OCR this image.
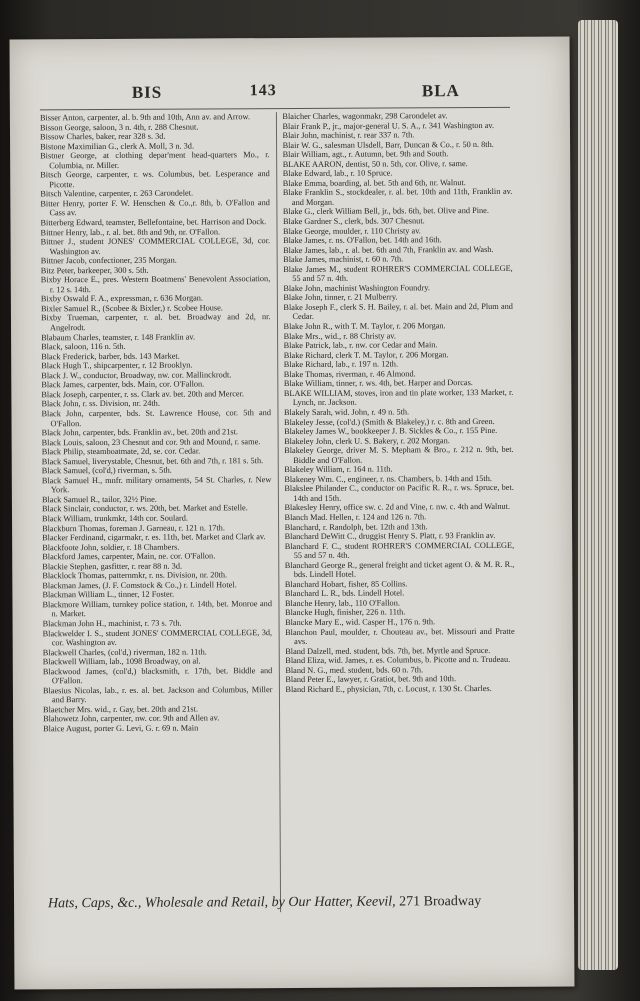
BIS	143	BLA

Bisser Anton, carpenter, al. b. 9th and 10th, Ann av. and Arrow.

Bisson George, saloon, 3 n. 4th, r. 288 Chesnut.

Bissow Charles, baker, rear 328 s. 3d.

Bistone Maximilian G., clerk A. Moll, 3 n. 3d.

Bistner George, at clothing depar'ment head-quarters Mo., r. Columbia, nr. Miller.

Bitsch George, carpenter, r. ws. Columbus, bet. Lesperance and Picotte.

Bitsch Valentine, carpenter, r. 263 Carondelet.

Bitter Henry, porter F. W. Henschen & Co.,r. 8th, b. O'Fallon and Cass av.

Bitterberg Edward, teamster, Bellefontaine, bet. Harrison and Dock.

Bittner Henry, lab., r. al. bet. 8th and 9th, nr. O'Fallon.

Bittner J., student JONES' COMMERCIAL COLLEGE, 3d, cor. Washington av.

Bittner Jacob, confectioner, 235 Morgan.

Bitz Peter, barkeeper, 300 s. 5th.

Bixby Horace E., pres. Western Boatmens' Benevolent Association, r. 12 s. 14th.

Bixby Oswald F. A., expressman, r. 636 Morgan.

Bixler Samuel R., (Scobee & Bixler,) r. Scobee House.

Bixby Trueman, carpenter, r. al. bet. Broadway and 2d, nr. Angelrodt.

Blabaum Charles, teamster, r. 148 Franklin av.

Black, saloon, 116 n. 5th.

Black Frederick, barber, bds. 143 Market.

Black Hugh T., shipcarpenter, r. 12 Brooklyn.

Black J. W., conductor, Broadway, nw. cor. Mallinckrodt.

Black James, carpenter, bds. Main, cor. O'Fallon.

Black Joseph, carpenter, r. ss. Clark av. bet. 20th and Mercer.

Black John, r. ss. Division, nr. 24th.

Black John, carpenter, bds. St. Lawrence House, cor. 5th and O'Fallon.

Black John, carpenter, bds. Franklin av., bet. 20th and 21st.

Black Louis, saloon, 23 Chesnut and cor. 9th and Mound, r. same.

Black Philip, steamboatmate, 2d, se. cor. Cedar.

Black Samuel, liverystable, Chesnut, bet. 6th and 7th, r. 181 s. 5th.

Black Samuel, (col'd,) riverman, s. 5th.

Black Samuel H., mnfr. military ornaments, 54 St. Charles, r. New York.

Black Samuel R., tailor, 32½ Pine.

Black Sinclair, conductor, r. ws. 20th, bet. Market and Estelle.

Black William, trunkmkr, 14th cor. Soulard.

Blackburn Thomas, foreman J. Garneau, r. 121 n. 17th.

Blacker Ferdinand, cigarmakr, r. es. 11th, bet. Market and Clark av.

Blackfoote John, soldier, r. 18 Chambers.

Blackford James, carpenter, Main, ne. cor. O'Fallon.

Blackie Stephen, gasfitter, r. rear 88 n. 3d.

Blacklock Thomas, patternmkr, r. ns. Division, nr. 20th.

Blackman James, (J. F. Comstock & Co.,) r. Lindell Hotel.

Blackman William L., tinner, 12 Foster.

Blackmore William, turnkey police station, r. 14th, bet. Monroe and n. Market.

Blackman John H., machinist, r. 73 s. 7th.

Blackwelder I. S., student JONES' COMMERCIAL COLLEGE, 3d, cor. Washington av.

Blackwell Charles, (col'd,) riverman, 182 n. 11th.

Blackwell William, lab., 1098 Broadway, on al.

Blackwood James, (col'd,) blacksmith, r. 17th, bet. Biddle and O'Fallon.

Blaesius Nicolas, lab., r. es. al. bet. Jackson and Columbus, Miller and Barry.

Blaetcher Mrs. wid., r. Gay, bet. 20th and 21st.

Blahowetz John, carpenter, nw. cor. 9th and Allen av.

Blaice August, porter G. Levi, G. r. 69 n. Main

Blaicher Charles, wagonmakr, 298 Carondelet av.

Blair Frank P., jr., major-general U. S. A., r. 341 Washington av.

Blair John, machinist, r. rear 337 n. 7th.

Blair W. G., salesman Ulsdell, Barr, Duncan & Co., r. 50 n. 8th.

Blair William, agt., r. Autumn, bet. 9th and South.

BLAKE AARON, dentist, 50 n. 5th, cor. Olive, r. same.

Blake Edward, lab., r. 10 Spruce.

Blake Emma, boarding, al. bet. 5th and 6th, nr. Walnut.

Blake Franklin S., stockdealer, r. al. bet. 10th and 11th, Franklin av. and Morgan.

Blake G., clerk William Bell, jr., bds. 6th, bet. Olive and Pine.

Blake Gardner S., clerk, bds. 307 Chesnut.

Blake George, moulder, r. 110 Christy av.

Blake James, r. ns. O'Fallon, bet. 14th and 16th.

Blake James, lab., r. al. bet. 6th and 7th, Franklin av. and Wash.

Blake James, machinist, r. 60 n. 7th.

Blake James M., student ROHRER'S COMMERCIAL COLLEGE, 55 and 57 n. 4th.

Blake John, machinist Washington Foundry.

Blake John, tinner, r. 21 Mulberry.

Blake Joseph F., clerk S. H. Bailey, r. al. bet. Main and 2d, Plum and Cedar.

Blake John R., with T. M. Taylor, r. 206 Morgan.

Blake Mrs., wid., r. 88 Christy av.

Blake Patrick, lab., r. nw. cor Cedar and Main.

Blake Richard, clerk T. M. Taylor, r. 206 Morgan.

Blake Richard, lab., r. 197 n. 12th.

Blake Thomas, riverman, r. 46 Almond.

Blake William, tinner, r. ws. 4th, bet. Harper and Dorcas.

BLAKE WILLIAM, stoves, iron and tin plate worker, 133 Market, r. Lynch, nr. Jackson.

Blakely Sarah, wid. John, r. 49 n. 5th.

Blakeley Jesse, (col'd.) (Smith & Blakeley,) r. c. 8th and Green.

Blakeley James W., bookkeeper J. B. Sickles & Co., r. 155 Pine.

Blakeley John, clerk U. S. Bakery, r. 202 Morgan.

Blakeley George, driver M. S. Mepham & Bro., r. 212 n. 9th, bet. Biddle and O'Fallon.

Blakeley William, r. 164 n. 11th.

Blakeney Wm. C., engineer, r. ns. Chambers, b. 14th and 15th.

Blakslee Philander C., conductor on Pacific R. R., r. ws. Spruce, bet. 14th and 15th.

Blakesley Henry, office sw. c. 2d and Vine, r. nw. c. 4th and Walnut.

Blanch Mad. Hellen, r. 124 and 126 n. 7th.

Blanchard, r. Randolph, bet. 12th and 13th.

Blanchard DeWitt C., druggist Henry S. Platt, r. 93 Franklin av.

Blanchard F. C., student ROHRER'S COMMERCIAL COLLEGE, 55 and 57 n. 4th.

Blanchard George R., general freight and ticket agent O. & M. R. R., bds. Lindell Hotel.

Blanchard Hobart, fisher, 85 Collins.

Blanchard L. R., bds. Lindell Hotel.

Blanche Henry, lab., 110 O'Fallon.

Blancke Hugh, finisher, 226 n. 11th.

Blancke Mary E., wid. Casper H., 176 n. 9th.

Blanchon Paul, moulder, r. Chouteau av., bet. Missouri and Pratte avs.

Bland Dalzell, med. student, bds. 7th, bet. Myrtle and Spruce.

Bland Eliza, wid. James, r. es. Columbus, b. Picotte and n. Trudeau.

Bland N. G., med. student, bds. 60 n. 7th.

Bland Peter E., lawyer, r. Gratiot, bet. 9th and 10th.

Bland Richard E., physician, 7th, c. Locust, r. 130 St. Charles.

Hats, Caps, &c., Wholesale and Retail, by Our Hatter, Keevil, 271 Broadway
